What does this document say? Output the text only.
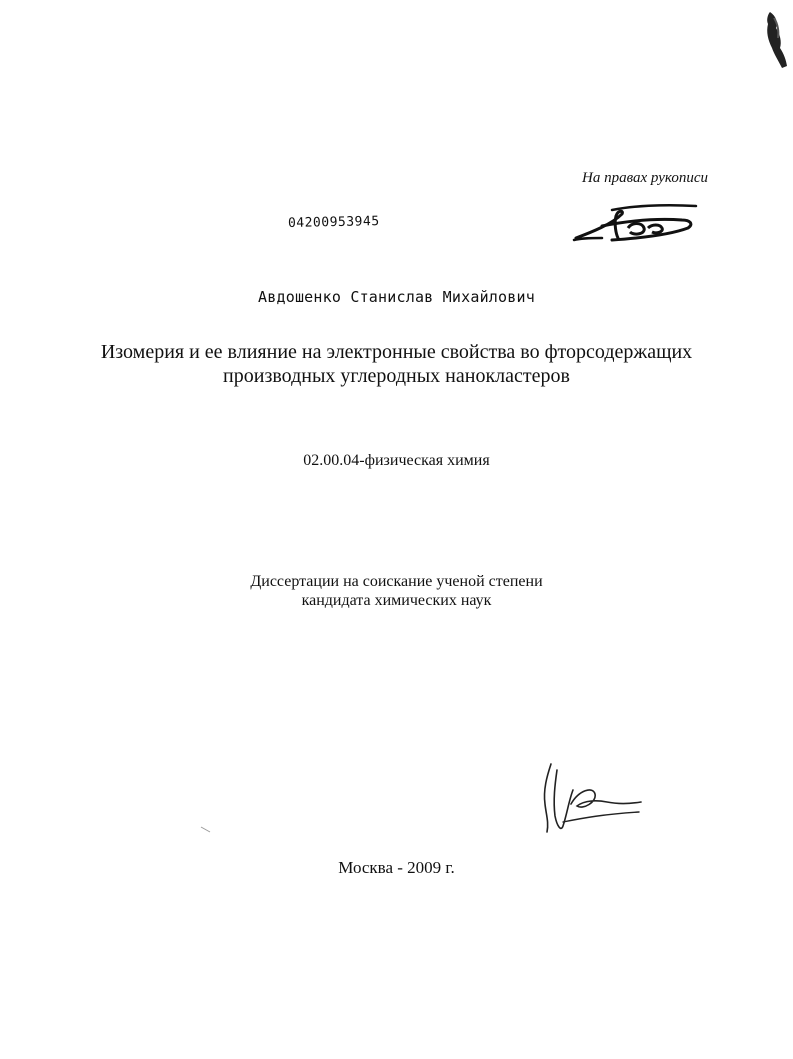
На правах рукописи
04200953945
Авдошенко Станислав Михайлович
Изомерия и ее влияние на электронные свойства во фторсодержащих
производных углеродных нанокластеров
02.00.04-физическая химия
Диссертации на соискание ученой степени
кандидата химических наук
Москва - 2009 г.
